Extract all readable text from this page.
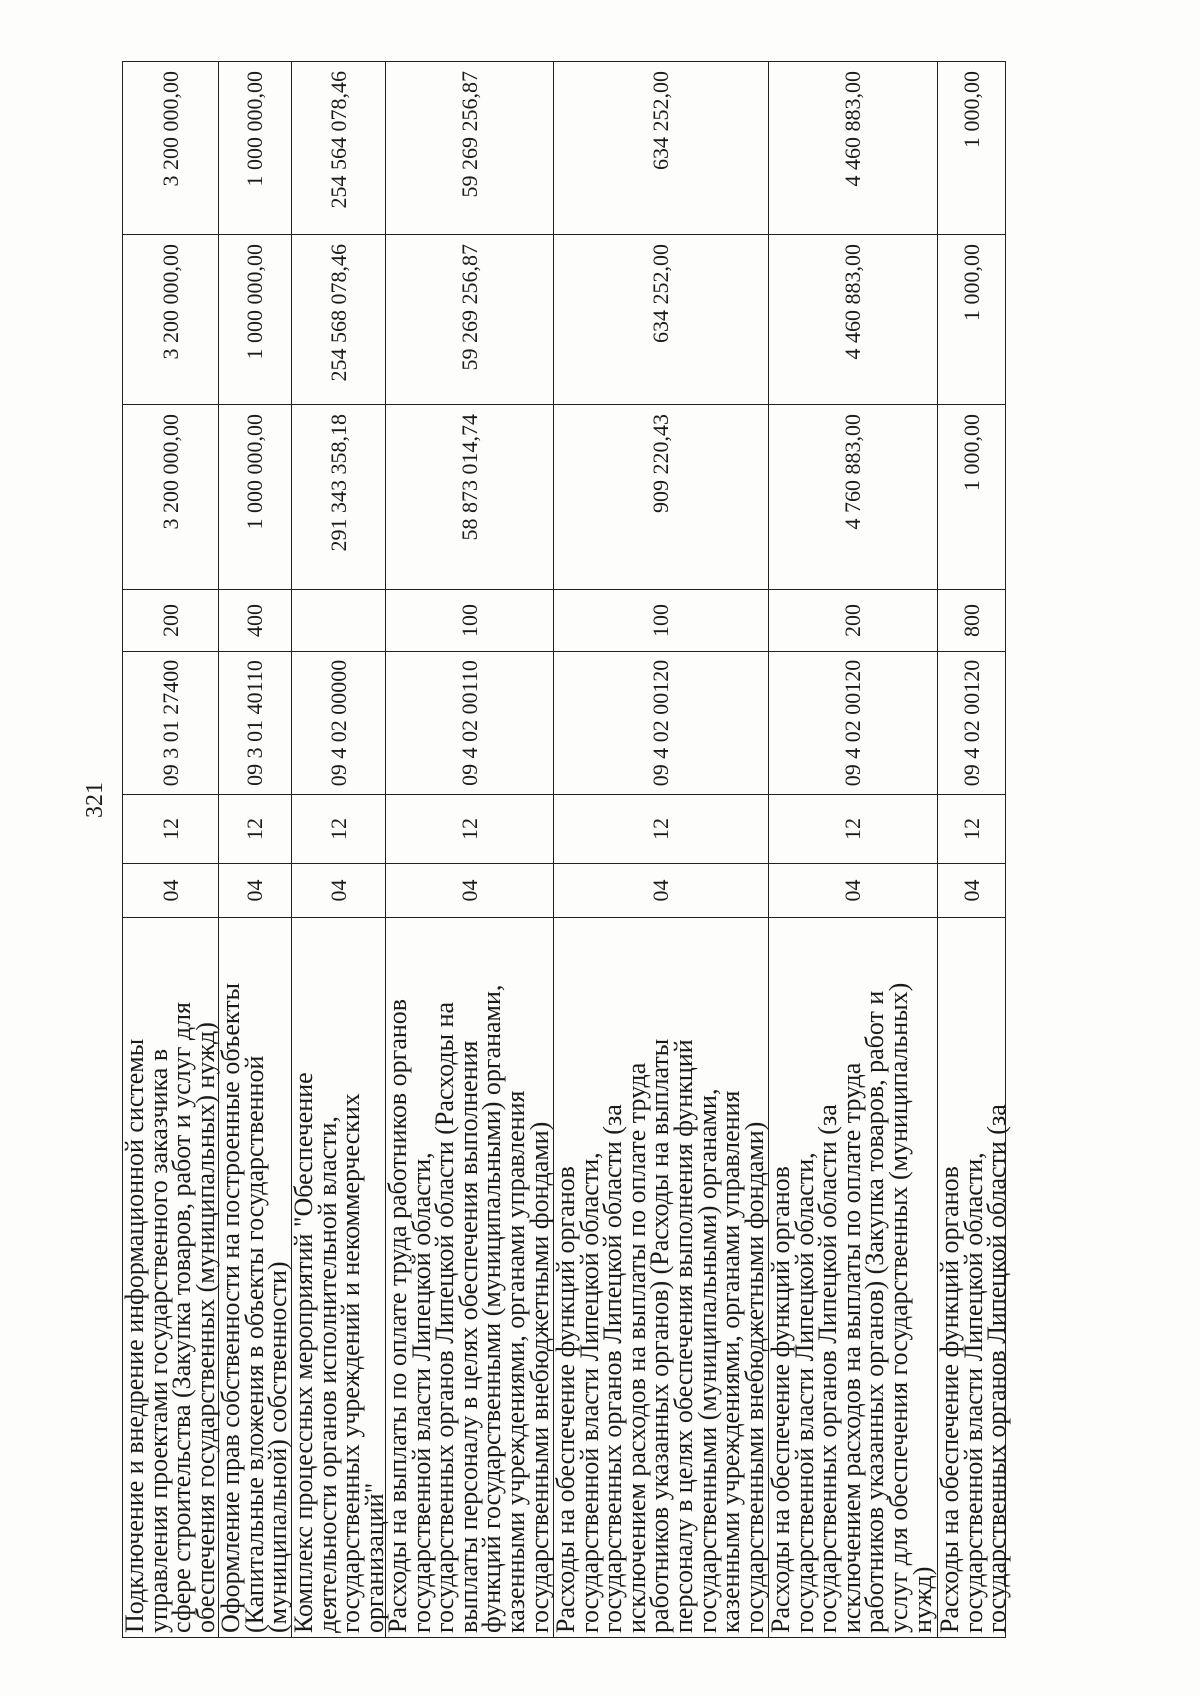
321
Подключение и внедрение информационной системы
управления проектами государственного заказчика в
сфере строительства (Закупка товаров, работ и услуг для
обеспечения государственных (муниципальных) нужд)
04
12
09 3 01 27400
200
3 200 000,00
3 200 000,00
3 200 000,00
Оформление прав собственности на построенные объекты
(Капитальные вложения в объекты государственной
(муниципальной) собственности)
04
12
09 3 01 40110
400
1 000 000,00
1 000 000,00
1 000 000,00
Комплекс процессных мероприятий "Обеспечение
деятельности органов исполнительной власти,
государственных учреждений и некоммерческих
организаций"
04
12
09 4 02 00000
291 343 358,18
254 568 078,46
254 564 078,46
Расходы на выплаты по оплате труда работников органов
государственной власти Липецкой области,
государственных органов Липецкой области (Расходы на
выплаты персоналу в целях обеспечения выполнения
функций государственными (муниципальными) органами,
казенными учреждениями, органами управления
государственными внебюджетными фондами)
04
12
09 4 02 00110
100
58 873 014,74
59 269 256,87
59 269 256,87
Расходы на обеспечение функций органов
государственной власти Липецкой области,
государственных органов Липецкой области (за
исключением расходов на выплаты по оплате труда
работников указанных органов) (Расходы на выплаты
персоналу в целях обеспечения выполнения функций
государственными (муниципальными) органами,
казенными учреждениями, органами управления
государственными внебюджетными фондами)
04
12
09 4 02 00120
100
909 220,43
634 252,00
634 252,00
Расходы на обеспечение функций органов
государственной власти Липецкой области,
государственных органов Липецкой области (за
исключением расходов на выплаты по оплате труда
работников указанных органов) (Закупка товаров, работ и
услуг для обеспечения государственных (муниципальных)
нужд)
04
12
09 4 02 00120
200
4 760 883,00
4 460 883,00
4 460 883,00
Расходы на обеспечение функций органов
государственной власти Липецкой области,
государственных органов Липецкой области (за
04
12
09 4 02 00120
800
1 000,00
1 000,00
1 000,00
